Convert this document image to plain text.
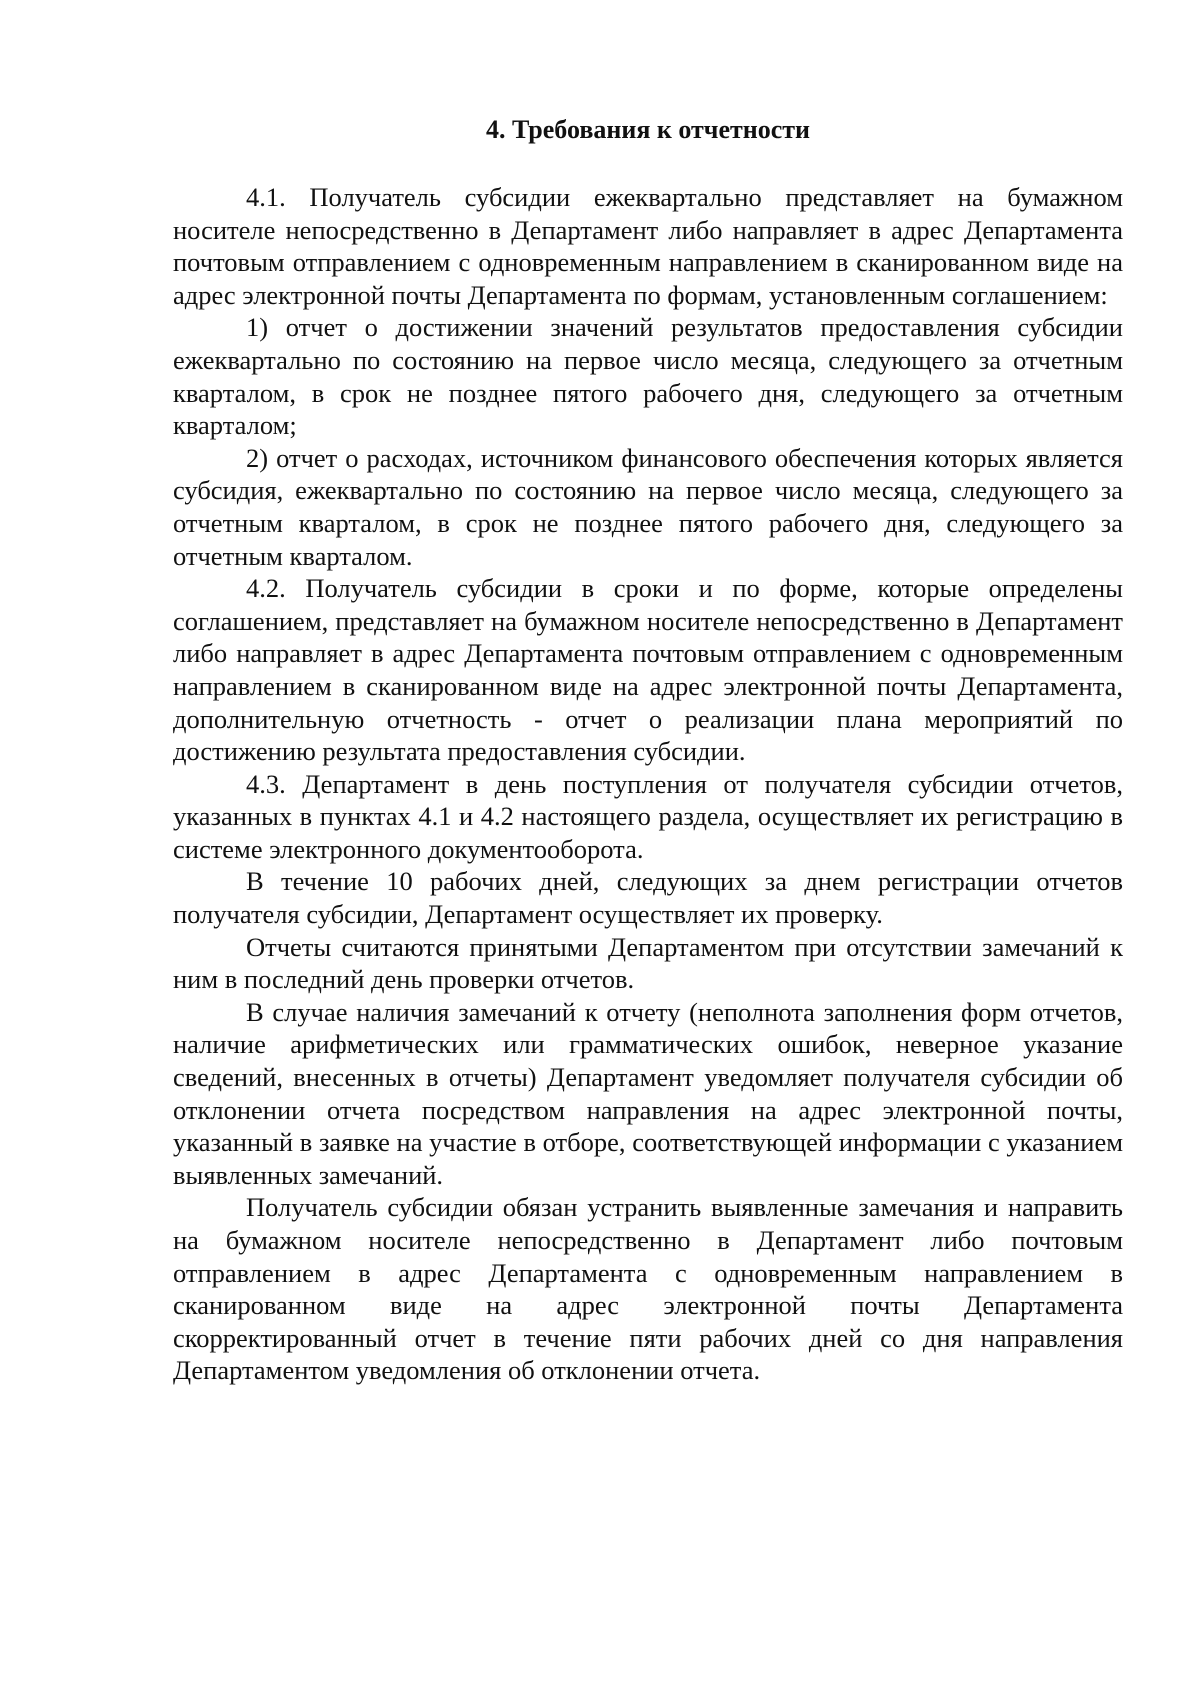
4. Требования к отчетности

4.1. Получатель субсидии ежеквартально представляет на бумажном носителе непосредственно в Департамент либо направляет в адрес Департамента почтовым отправлением с одновременным направлением в сканированном виде на адрес электронной почты Департамента по формам, установленным соглашением:

1) отчет о достижении значений результатов предоставления субсидии ежеквартально по состоянию на первое число месяца, следующего за отчетным кварталом, в срок не позднее пятого рабочего дня, следующего за отчетным кварталом;

2) отчет о расходах, источником финансового обеспечения которых является субсидия, ежеквартально по состоянию на первое число месяца, следующего за отчетным кварталом, в срок не позднее пятого рабочего дня, следующего за отчетным кварталом.

4.2. Получатель субсидии в сроки и по форме, которые определены соглашением, представляет на бумажном носителе непосредственно в Департамент либо направляет в адрес Департамента почтовым отправлением с одновременным направлением в сканированном виде на адрес электронной почты Департамента, дополнительную отчетность - отчет о реализации плана мероприятий по достижению результата предоставления субсидии.

4.3. Департамент в день поступления от получателя субсидии отчетов, указанных в пунктах 4.1 и 4.2 настоящего раздела, осуществляет их регистрацию в системе электронного документооборота.

В течение 10 рабочих дней, следующих за днем регистрации отчетов получателя субсидии, Департамент осуществляет их проверку.

Отчеты считаются принятыми Департаментом при отсутствии замечаний к ним в последний день проверки отчетов.

В случае наличия замечаний к отчету (неполнота заполнения форм отчетов, наличие арифметических или грамматических ошибок, неверное указание сведений, внесенных в отчеты) Департамент уведомляет получателя субсидии об отклонении отчета посредством направления на адрес электронной почты, указанный в заявке на участие в отборе, соответствующей информации с указанием выявленных замечаний.

Получатель субсидии обязан устранить выявленные замечания и направить на бумажном носителе непосредственно в Департамент либо почтовым отправлением в адрес Департамента с одновременным направлением в сканированном виде на адрес электронной почты Департамента скорректированный отчет в течение пяти рабочих дней со дня направления Департаментом уведомления об отклонении отчета.
